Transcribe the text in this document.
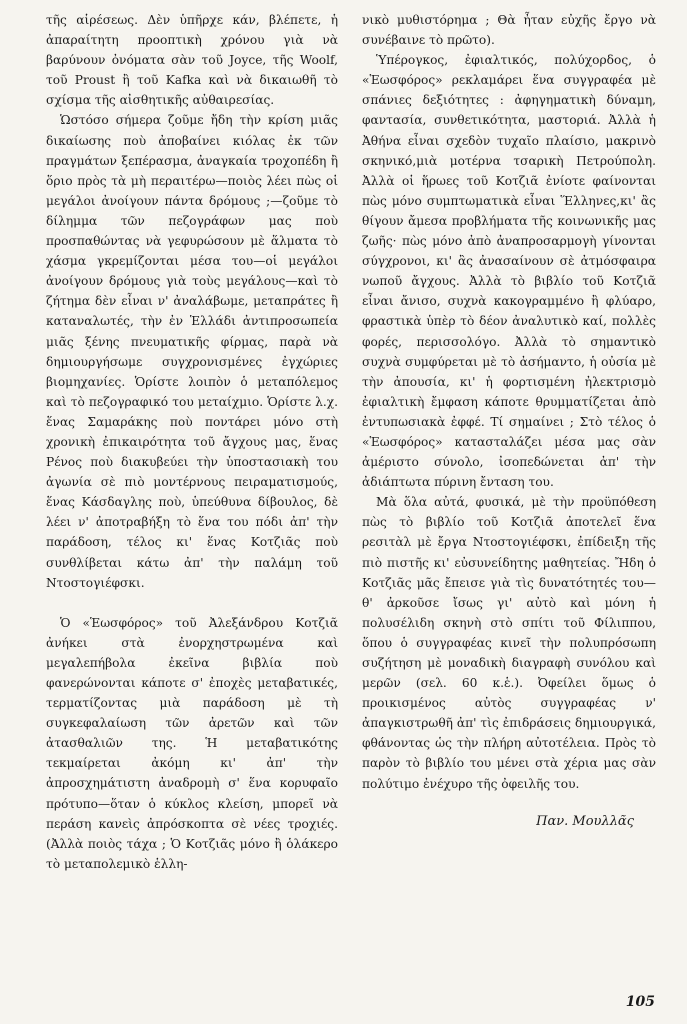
τῆς αἱρέσεως. Δὲν ὑπῆρχε κάν, βλέπετε, ἡ ἀπαραίτητη προοπτικὴ χρόνου γιὰ νὰ βαρύνουν ὀνόματα σὰν τοῦ Joyce, τῆς Woolf, τοῦ Proust ἢ τοῦ Kafka καὶ νὰ δικαιωθῆ τὸ σχίσμα τῆς αἰσθητικῆς αὐθαιρεσίας.

Ὡστόσο σήμερα ζοῦμε ἤδη τὴν κρίση μιᾶς δικαίωσης ποὺ ἀποβαίνει κιόλας ἐκ τῶν πραγμάτων ξεπέρασμα, ἀναγκαία τροχοπέδη ἢ ὅριο πρὸς τὰ μὴ περαιτέρω—ποιὸς λέει πὼς οἱ μεγάλοι ἀνοίγουν πάντα δρόμους ;—ζοῦμε τὸ δίλημμα τῶν πεζογράφων μας ποὺ προσπαθώντας νὰ γεφυρώσουν μὲ ἅλματα τὸ χάσμα γκρεμίζονται μέσα του—οἱ μεγάλοι ἀνοίγουν δρόμους γιὰ τοὺς μεγάλους—καὶ τὸ ζήτημα δὲν εἶναι ν' ἀναλάβωμε, μεταπράτες ἢ καταναλωτές, τὴν ἐν Ἑλλάδι ἀντιπροσωπεία μιᾶς ξένης πνευματικῆς φίρμας, παρὰ νὰ δημιουργήσωμε συγχρονισμένες ἐγχώριες βιομηχανίες. Ὁρίστε λοιπὸν ὁ μεταπόλεμος καὶ τὸ πεζογραφικό του μεταίχμιο. Ὁρίστε λ.χ. ἕνας Σαμαράκης ποὺ ποντάρει μόνο στὴ χρονικὴ ἐπικαιρότητα τοῦ ἄγχους μας, ἕνας Ρένος ποὺ διακυβεύει τὴν ὑποστασιακὴ του ἀγωνία σὲ πιὸ μοντέρνους πειραματισμούς, ἕνας Κάσδαγλης ποὺ, ὑπεύθυνα δίβουλος, δὲ λέει ν' ἀποτραβήξη τὸ ἕνα του πόδι ἀπ' τὴν παράδοση, τέλος κι' ἕνας Κοτζιᾶς ποὺ συνθλίβεται κάτω ἀπ' τὴν παλάμη τοῦ Ντοστογιέφσκι.

Ὁ «Ἑωσφόρος» τοῦ Ἀλεξάνδρου Κοτζιᾶ ἀνήκει στὰ ἐνορχηστρωμένα καὶ μεγαλεπήβολα ἐκεῖνα βιβλία ποὺ φανερώνονται κάποτε σ' ἐποχὲς μεταβατικές, τερματίζοντας μιὰ παράδοση μὲ τὴ συγκεφαλαίωση τῶν ἀρετῶν καὶ τῶν ἀτασθαλιῶν της. Ἡ μεταβατικότης τεκμαίρεται ἀκόμη κι' ἀπ' τὴν ἀπροσχημάτιστη ἀναδρομὴ σ' ἕνα κορυφαῖο πρότυπο—ὅταν ὁ κύκλος κλείση, μπορεῖ νὰ περάση κανεὶς ἀπρόσκοπτα σὲ νέες τροχιές. (Ἀλλὰ ποιὸς τάχα ; Ὁ Κοτζιᾶς μόνο ἢ ὁλάκερο τὸ μεταπολεμικὸ ἑλλη-

νικὸ μυθιστόρημα ; Θὰ ἦταν εὐχῆς ἔργο νὰ συνέβαινε τὸ πρῶτο).

Ὑπέρογκος, ἐφιαλτικός, πολύχορδος, ὁ «Ἑωσφόρος» ρεκλαμάρει ἕνα συγγραφέα μὲ σπάνιες δεξιότητες : ἀφηγηματικὴ δύναμη, φαντασία, συνθετικότητα, μαστοριά. Ἀλλὰ ἡ Ἀθήνα εἶναι σχεδὸν τυχαῖο πλαίσιο, μακρινὸ σκηνικό,μιὰ μοτέρνα τσαρικὴ Πετρούπολη. Ἀλλὰ οἱ ἥρωες τοῦ Κοτζιᾶ ἐνίοτε φαίνονται πὼς μόνο συμπτωματικὰ εἶναι Ἕλληνες,κι' ἂς θίγουν ἄμεσα προβλήματα τῆς κοινωνικῆς μας ζωῆς· πὼς μόνο ἀπὸ ἀναπροσαρμογὴ γίνονται σύγχρονοι, κι' ἂς ἀνασαίνουν σὲ ἀτμόσφαιρα νωποῦ ἄγχους. Ἀλλὰ τὸ βιβλίο τοῦ Κοτζιᾶ εἶναι ἄνισο, συχνὰ κακογραμμένο ἢ φλύαρο, φραστικὰ ὑπὲρ τὸ δέον ἀναλυτικὸ καί, πολλὲς φορές, περισσολόγο. Ἀλλὰ τὸ σημαντικὸ συχνὰ συμφύρεται μὲ τὸ ἀσήμαντο, ἡ οὐσία μὲ τὴν ἀπουσία, κι' ἡ φορτισμένη ἠλεκτρισμὸ ἐφιαλτικὴ ἔμφαση κάποτε θρυμματίζεται ἀπὸ ἐντυπωσιακὰ ἐφφέ. Τί σημαίνει ; Στὸ τέλος ὁ «Ἑωσφόρος» κατασταλάζει μέσα μας σὰν ἀμέριστο σύνολο, ἰσοπεδώνεται ἀπ' τὴν ἀδιάπτωτα πύρινη ἔνταση του.

Μὰ ὅλα αὐτά, φυσικά, μὲ τὴν προϋπόθεση πὼς τὸ βιβλίο τοῦ Κοτζιᾶ ἀποτελεῖ ἕνα ρεσιτὰλ μὲ ἔργα Ντοστογιέφσκι, ἐπίδειξη τῆς πιὸ πιστῆς κι' εὐσυνείδητης μαθητείας. Ἤδη ὁ Κοτζιᾶς μᾶς ἔπεισε γιὰ τὶς δυνατότητές του— θ' ἀρκοῦσε ἴσως γι' αὐτὸ καὶ μόνη ἡ πολυσέλιδη σκηνὴ στὸ σπίτι τοῦ Φίλιππου, ὅπου ὁ συγγραφέας κινεῖ τὴν πολυπρόσωπη συζήτηση μὲ μοναδικὴ διαγραφὴ συνόλου καὶ μερῶν (σελ. 60 κ.ἑ.). Ὀφείλει ὅμως ὁ προικισμένος αὐτὸς συγγραφέας ν' ἀπαγκιστρωθῆ ἀπ' τὶς ἐπιδράσεις δημιουργικά, φθάνοντας ὡς τὴν πλήρη αὐτοτέλεια. Πρὸς τὸ παρὸν τὸ βιβλίο του μένει στὰ χέρια μας σὰν πολύτιμο ἐνέχυρο τῆς ὀφειλῆς του.

Παν. Μουλλᾶς

105
